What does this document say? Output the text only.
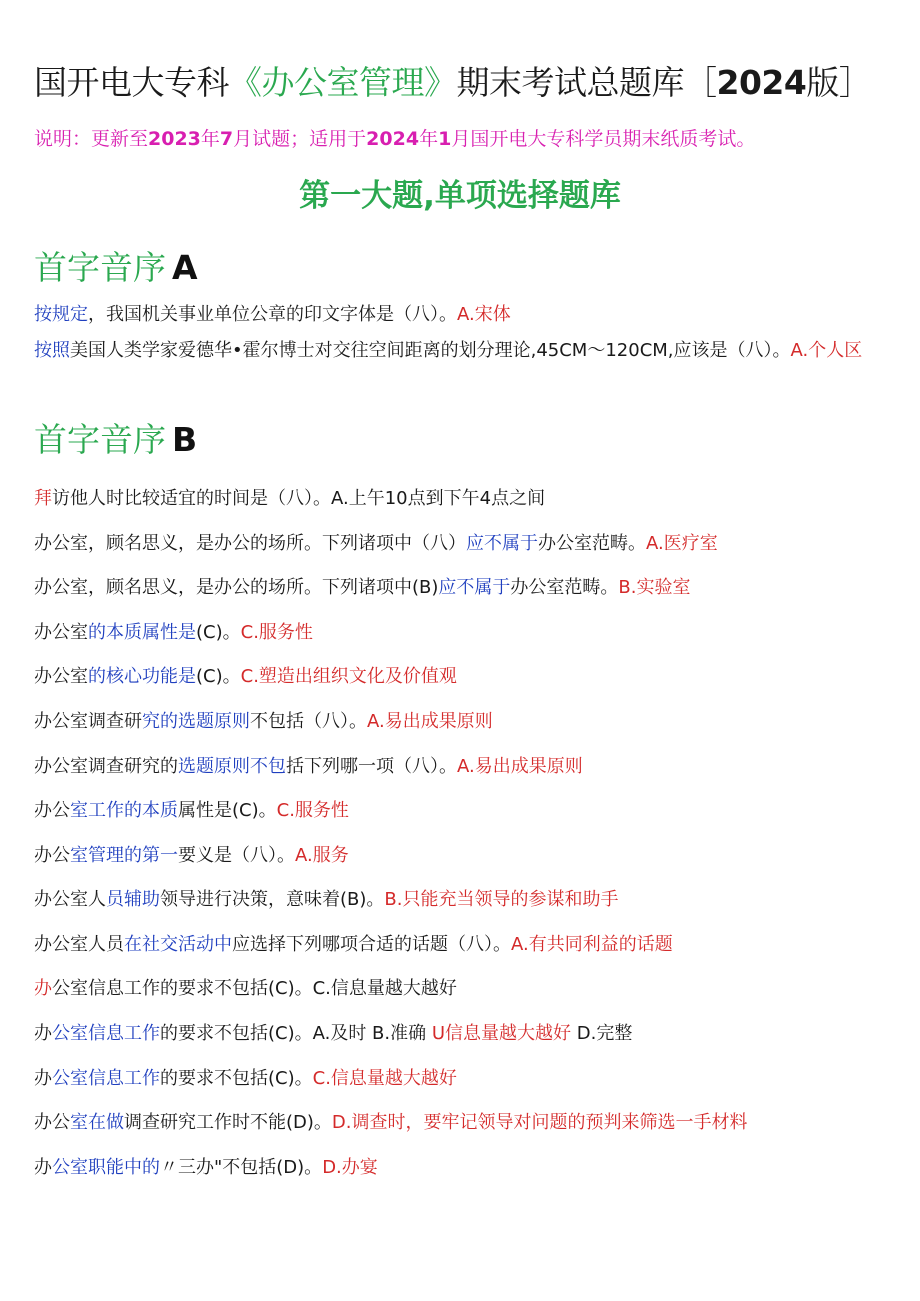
国开电大专科《办公室管理》期末考试总题库［2024版］
说明：更新至2023年7月试题；适用于2024年1月国开电大专科学员期末纸质考试。
第一大题,单项选择题库
首字音序 A
按规定，我国机关事业单位公章的印文字体是（八）。A.宋体
按照美国人类学家爱德华•霍尔博士对交往空间距离的划分理论,45CM〜120CM,应该是（八）。A.个人区
首字音序 B
拜访他人时比较适宜的时间是（八）。A.上午10点到下午4点之间
办公室，顾名思义，是办公的场所。下列诸项中（八）应不属于办公室范畴。A.医疗室
办公室，顾名思义，是办公的场所。下列诸项中(B)应不属于办公室范畴。B.实验室
办公室的本质属性是(C)。C.服务性
办公室的核心功能是(C)。C.塑造出组织文化及价值观
办公室调查研究的选题原则不包括（八）。A.易出成果原则
办公室调查研究的选题原则不包括下列哪一项（八）。A.易出成果原则
办公室工作的本质属性是(C)。C.服务性
办公室管理的第一要义是（八）。A.服务
办公室人员辅助领导进行决策，意味着(B)。B.只能充当领导的参谋和助手
办公室人员在社交活动中应选择下列哪项合适的话题（八）。A.有共同利益的话题
办公室信息工作的要求不包括(C)。C.信息量越大越好
办公室信息工作的要求不包括(C)。A.及时 B.准确 U信息量越大越好 D.完整
办公室信息工作的要求不包括(C)。C.信息量越大越好
办公室在做调查研究工作时不能(D)。D.调查时，要牢记领导对问题的预判来筛选一手材料
办公室职能中的〃三办"不包括(D)。D.办宴
